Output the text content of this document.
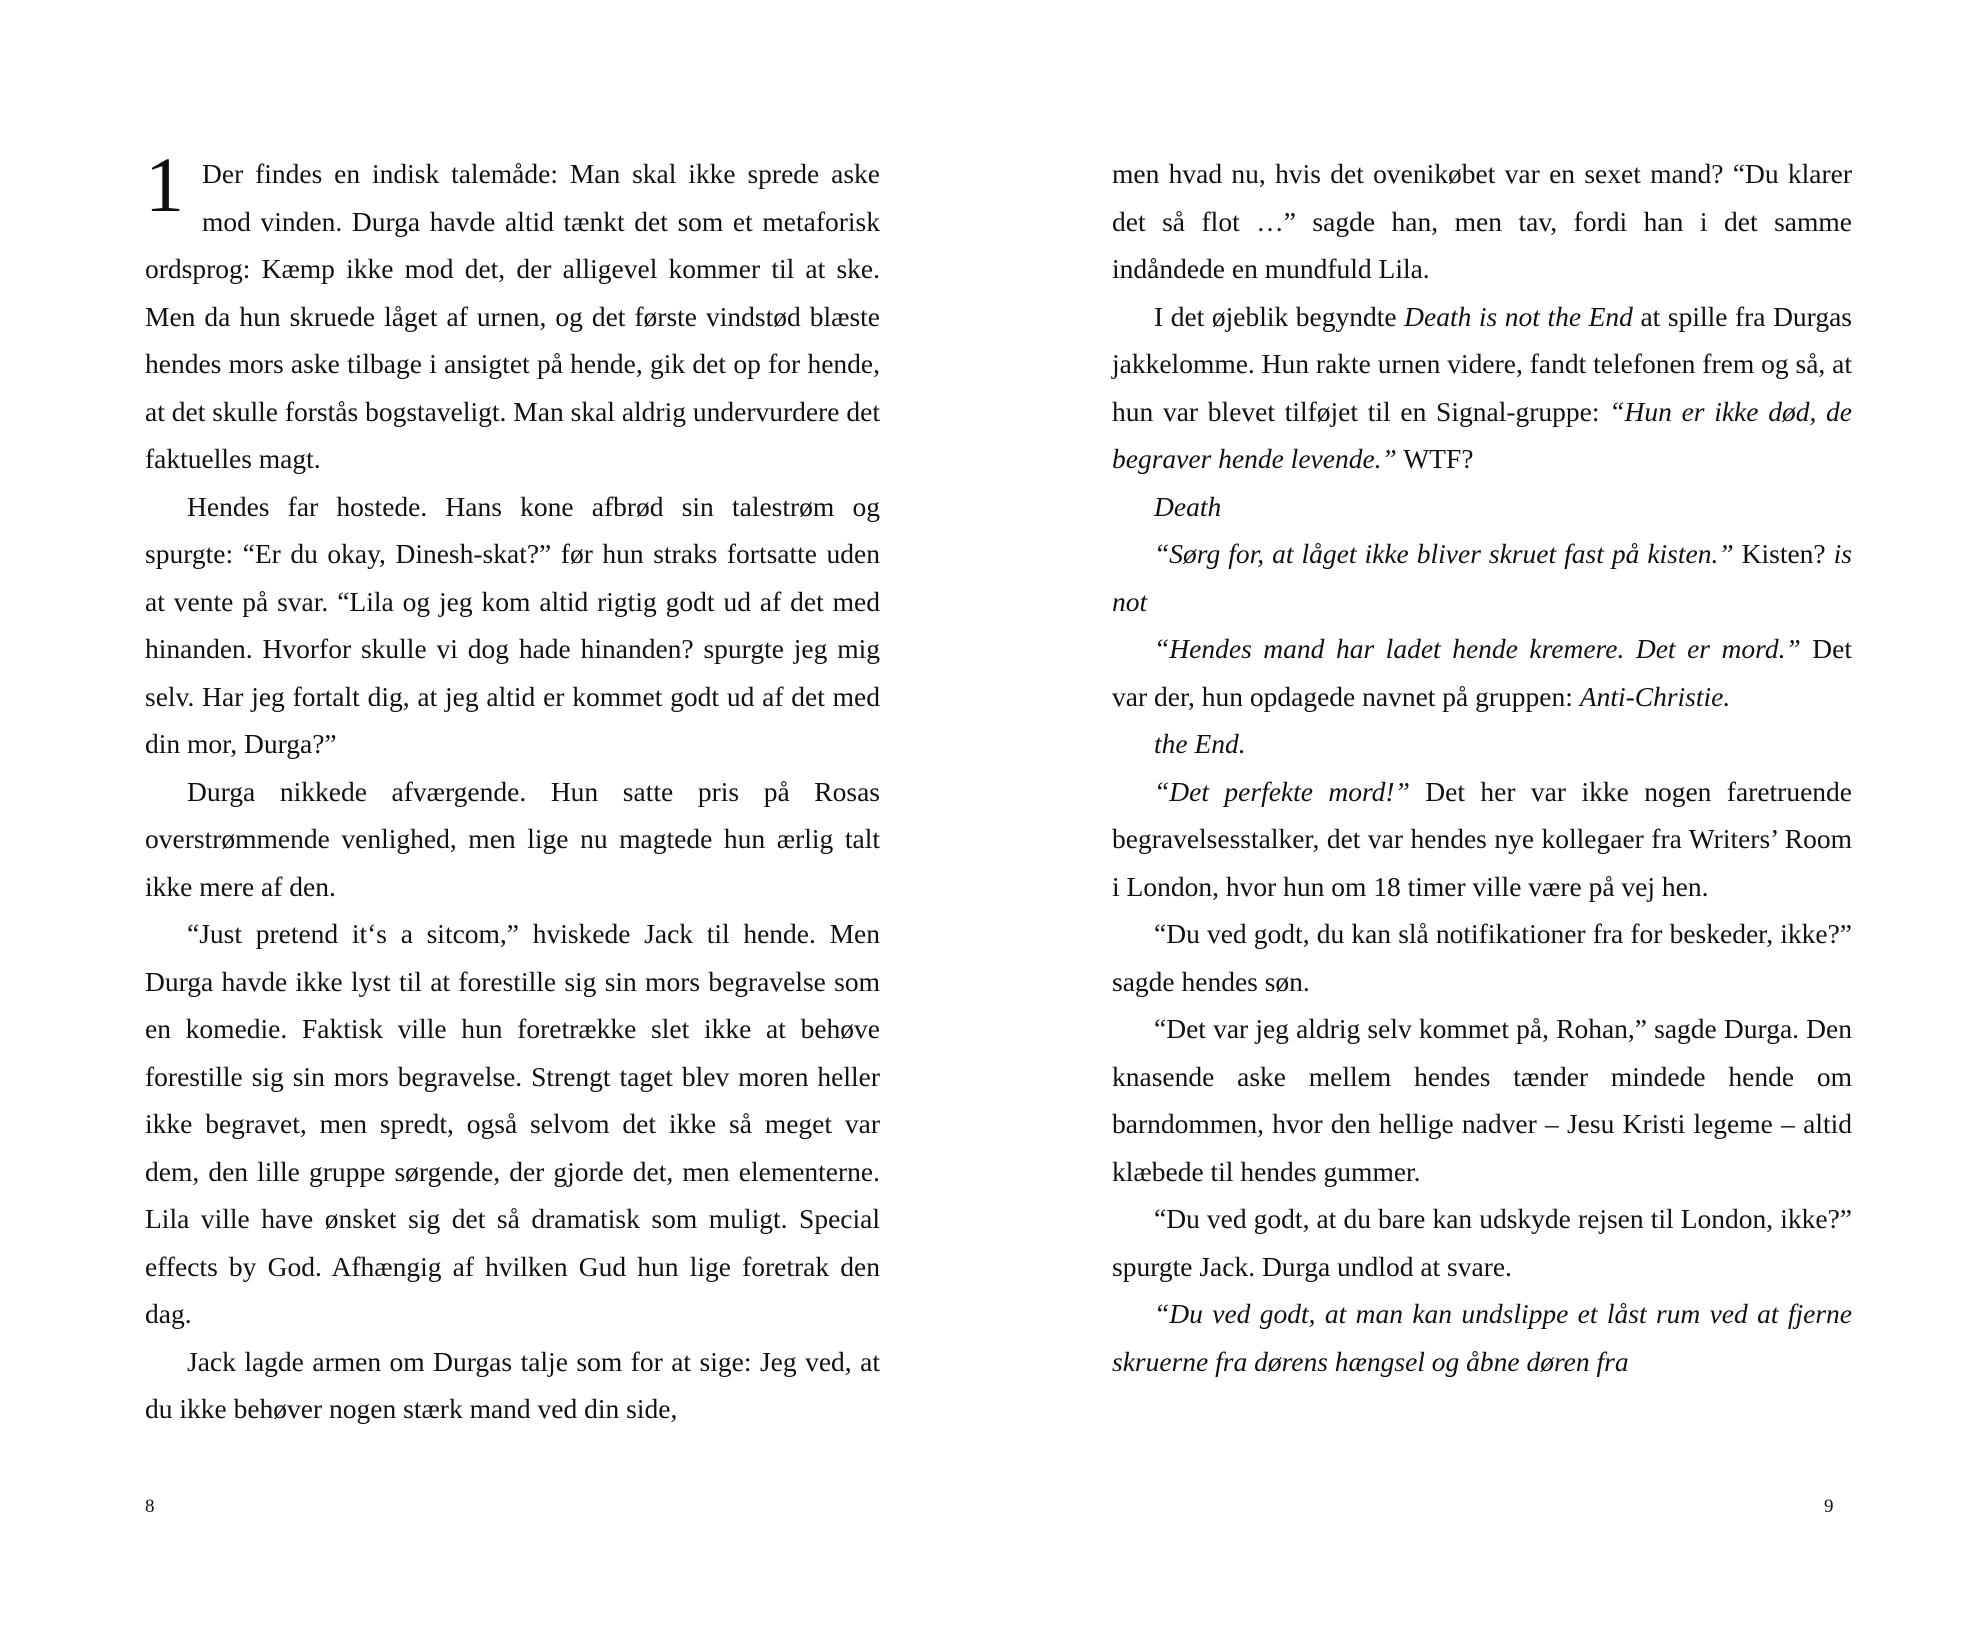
1 Der findes en indisk talemåde: Man skal ikke sprede aske mod vinden. Durga havde altid tænkt det som et metaforisk ordsprog: Kæmp ikke mod det, der alligevel kommer til at ske. Men da hun skruede låget af urnen, og det første vindstød blæste hendes mors aske tilbage i ansigtet på hende, gik det op for hende, at det skulle forstås bogstaveligt. Man skal aldrig undervurdere det faktuelles magt.

Hendes far hostede. Hans kone afbrød sin talestrøm og spurgte: “Er du okay, Dinesh-skat?” før hun straks fortsatte uden at vente på svar. “Lila og jeg kom altid rigtig godt ud af det med hinanden. Hvorfor skulle vi dog hade hinanden? spurgte jeg mig selv. Har jeg fortalt dig, at jeg altid er kommet godt ud af det med din mor, Durga?”

Durga nikkede afværgende. Hun satte pris på Rosas overstrømmende venlighed, men lige nu magtede hun ærlig talt ikke mere af den.

“Just pretend it‘s a sitcom,” hviskede Jack til hende. Men Durga havde ikke lyst til at forestille sig sin mors begravelse som en komedie. Faktisk ville hun foretrække slet ikke at behøve forestille sig sin mors begravelse. Strengt taget blev moren heller ikke begravet, men spredt, også selvom det ikke så meget var dem, den lille gruppe sørgende, der gjorde det, men elementerne. Lila ville have ønsket sig det så dramatisk som muligt. Special effects by God. Afhængig af hvilken Gud hun lige foretrak den dag.

Jack lagde armen om Durgas talje som for at sige: Jeg ved, at du ikke behøver nogen stærk mand ved din side,

8

men hvad nu, hvis det ovenikøbet var en sexet mand? “Du klarer det så flot …” sagde han, men tav, fordi han i det samme indåndede en mundfuld Lila.

I det øjeblik begyndte Death is not the End at spille fra Durgas jakkelomme. Hun rakte urnen videre, fandt telefonen frem og så, at hun var blevet tilføjet til en Signal-gruppe: “Hun er ikke død, de begraver hende levende.” WTF?

Death

“Sørg for, at låget ikke bliver skruet fast på kisten.” Kisten? is not

“Hendes mand har ladet hende kremere. Det er mord.” Det var der, hun opdagede navnet på gruppen: Anti-Christie.

the End.

“Det perfekte mord!” Det her var ikke nogen faretruende begravelsesstalker, det var hendes nye kollegaer fra Writers’ Room i London, hvor hun om 18 timer ville være på vej hen.

“Du ved godt, du kan slå notifikationer fra for beskeder, ikke?” sagde hendes søn.

“Det var jeg aldrig selv kommet på, Rohan,” sagde Durga. Den knasende aske mellem hendes tænder mindede hende om barndommen, hvor den hellige nadver – Jesu Kristi legeme – altid klæbede til hendes gummer.

“Du ved godt, at du bare kan udskyde rejsen til London, ikke?” spurgte Jack. Durga undlod at svare.

“Du ved godt, at man kan undslippe et låst rum ved at fjerne skruerne fra dørens hængsel og åbne døren fra

9
